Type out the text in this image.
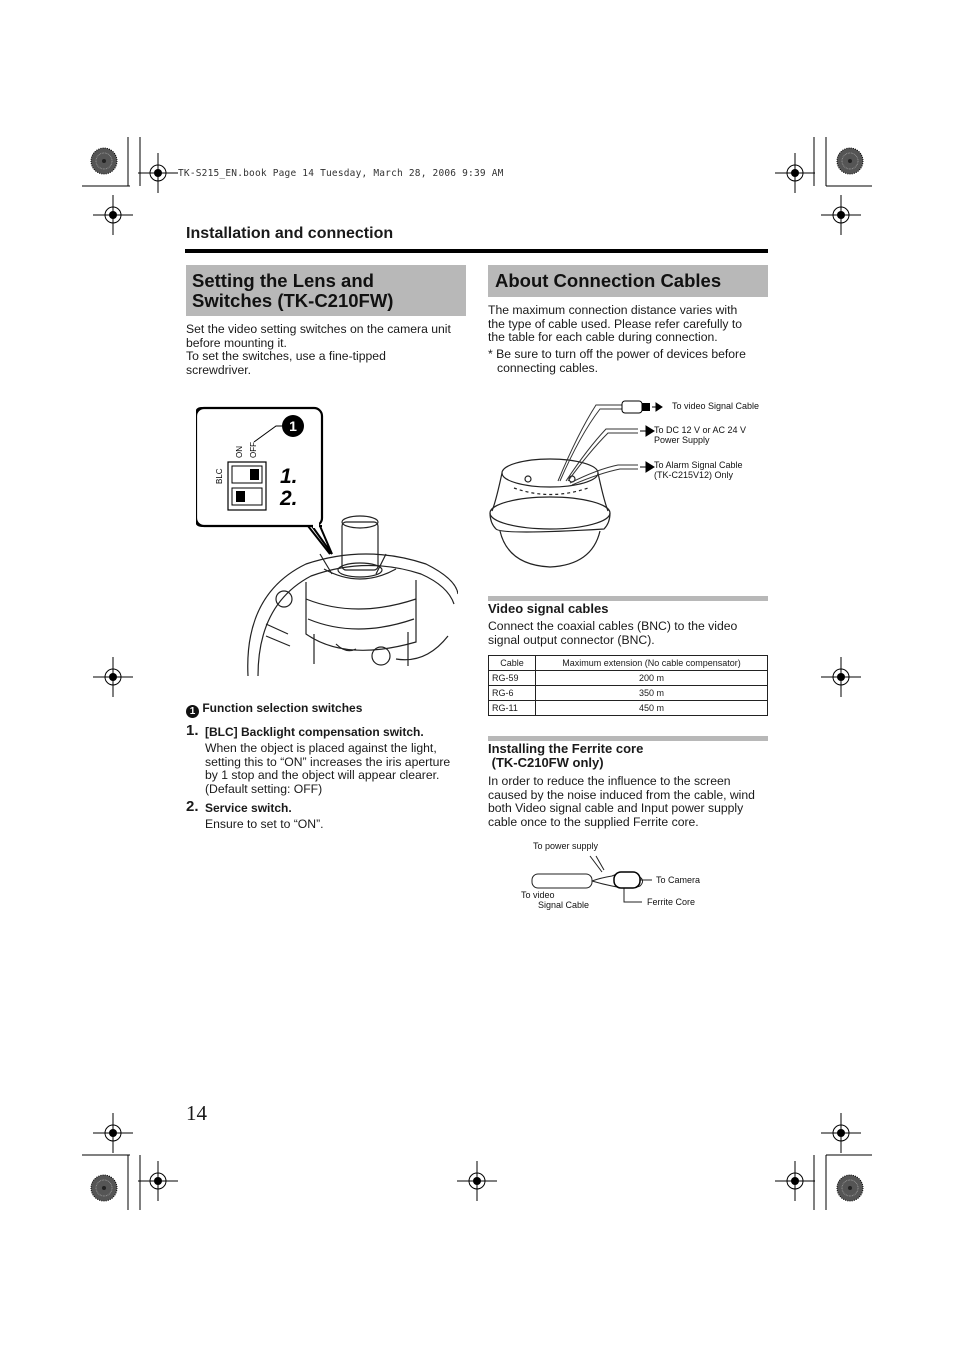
TK-S215_EN.book Page 14 Tuesday, March 28, 2006 9:39 AM
Installation and connection
Setting the Lens and
Switches (TK-C210FW)
Set the video setting switches on the camera unit
before mounting it.
To set the switches, use a fine-tipped
screwdriver.
BLC
ON OFF
1
1.
2.
1 Function selection switches
1. [BLC] Backlight compensation switch.
When the object is placed against the light,
setting this to “ON” increases the iris aperture
by 1 stop and the object will appear clearer.
(Default setting: OFF)
2. Service switch.
Ensure to set to “ON”.
About Connection Cables
The maximum connection distance varies with
the type of cable used. Please refer carefully to
the table for each cable during connection.
* Be sure to turn off the power of devices before
connecting cables.
To video Signal Cable
To DC 12 V or AC 24 V
Power Supply
To Alarm Signal Cable
(TK-C215V12) Only
Video signal cables
Connect the coaxial cables (BNC) to the video
signal output connector (BNC).
Cable	Maximum extension (No cable compensator)
RG-59	200 m
RG-6	350 m
RG-11	450 m
Installing the Ferrite core
(TK-C210FW only)
In order to reduce the influence to the screen
caused by the noise induced from the cable, wind
both Video signal cable and Input power supply
cable once to the supplied Ferrite core.
To power supply
To Camera
To video
Signal Cable	Ferrite Core
14
